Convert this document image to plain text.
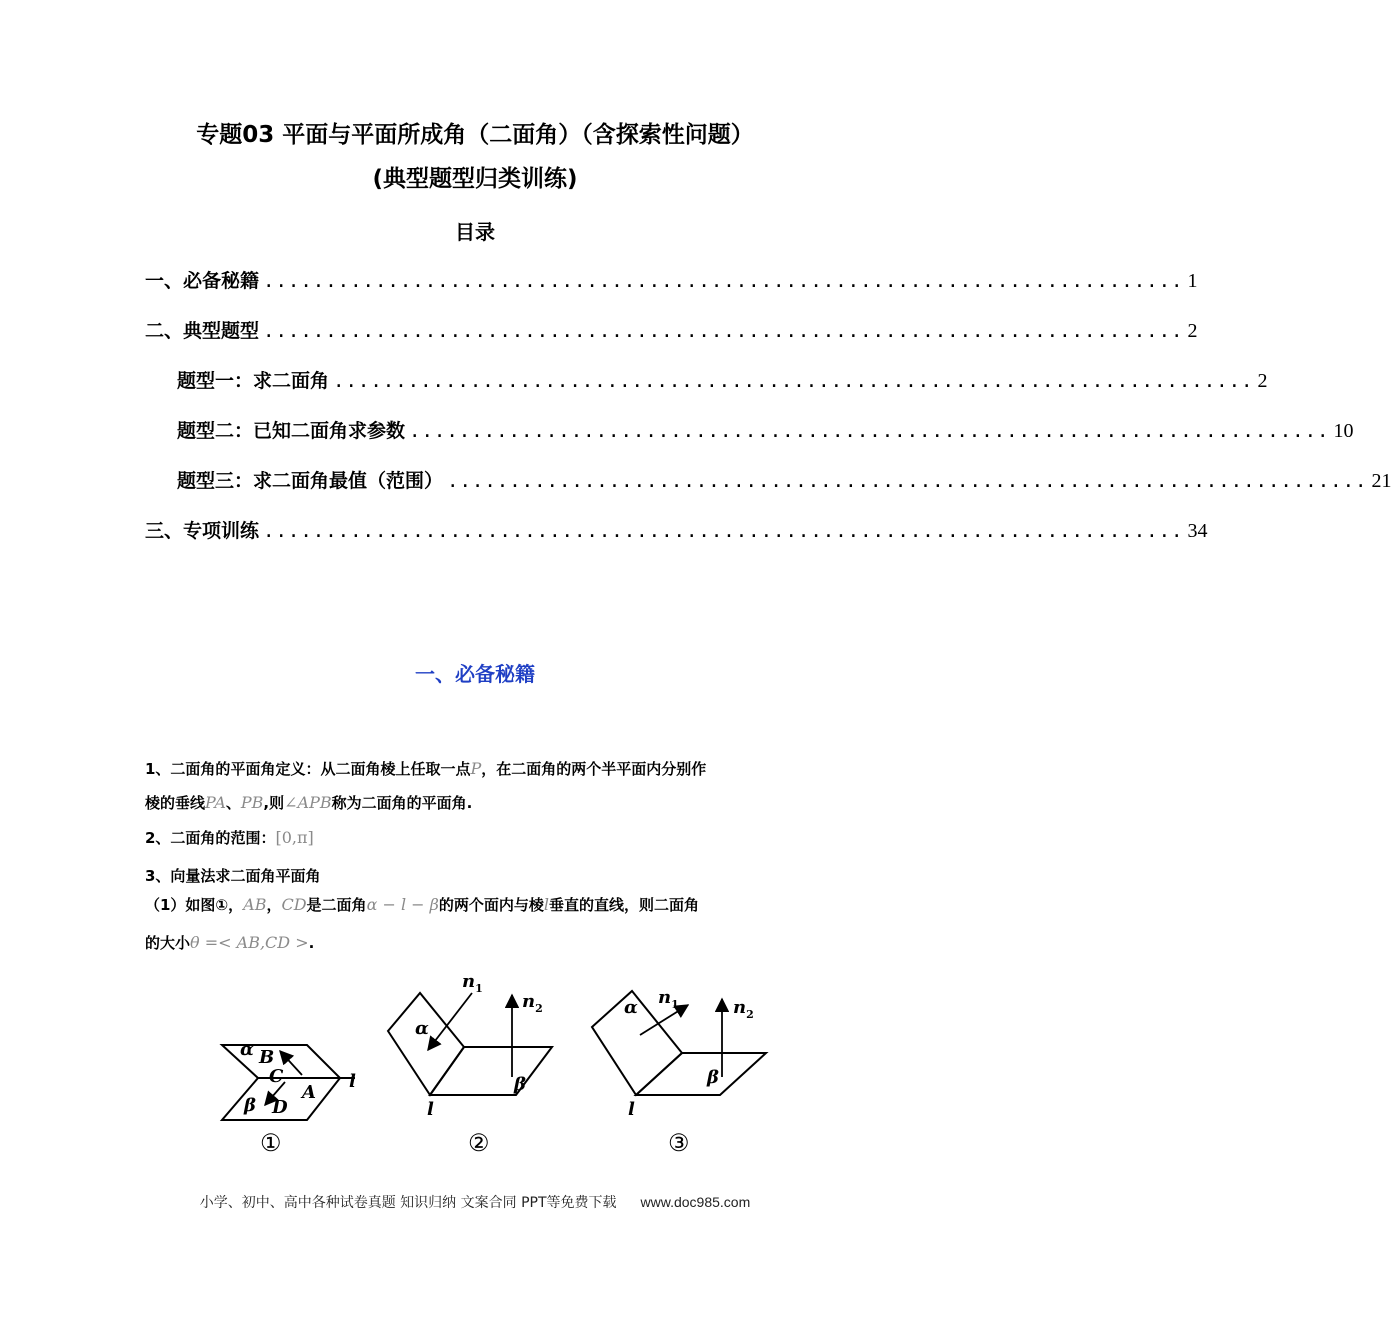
专题03 平面与平面所成角（二面角）（含探索性问题）
(典型题型归类训练)
目录
一、必备秘籍 .......................................................................... 1
二、典型题型 .......................................................................... 2
题型一：求二面角 .......................................................................... 2
题型二：已知二面角求参数 .......................................................................... 10
题型三：求二面角最值（范围） .......................................................................... 21
三、专项训练 .......................................................................... 34
一、必备秘籍
1、二面角的平面角定义：从二面角棱上任取一点P，在二面角的两个半平面内分别作
棱的垂线PA、PB,则∠APB称为二面角的平面角.
2、二面角的范围：[0,π]
3、向量法求二面角平面角
（1）如图①，AB，CD是二面角α − l − β的两个面内与棱l垂直的直线，则二面角
的大小θ =< AB,CD >.
α B
C
A
β D
l
①
α
β
$n_1$
$n_2$
l
②
α
β
$n_1$	$n_2$
l
③
小学、初中、高中各种试卷真题 知识归纳 文案合同 PPT等免费下载 www.doc985.com
